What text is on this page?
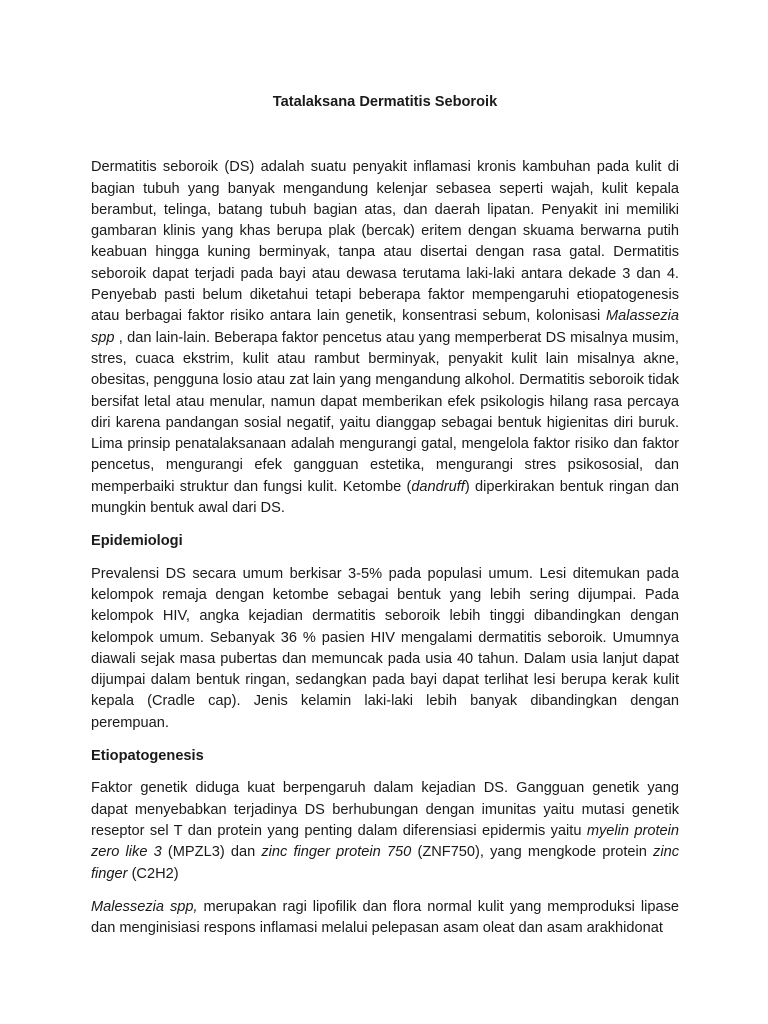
Tatalaksana Dermatitis Seboroik

Dermatitis seboroik (DS) adalah suatu penyakit inflamasi kronis kambuhan pada kulit di bagian tubuh yang banyak mengandung kelenjar sebasea seperti wajah, kulit kepala berambut, telinga, batang tubuh bagian atas, dan daerah lipatan. Penyakit ini memiliki gambaran klinis yang khas berupa plak (bercak) eritem dengan skuama berwarna putih keabuan hingga kuning berminyak, tanpa atau disertai dengan rasa gatal. Dermatitis seboroik dapat terjadi pada bayi atau dewasa terutama laki-laki antara dekade 3 dan 4. Penyebab pasti belum diketahui tetapi beberapa faktor mempengaruhi etiopatogenesis atau berbagai faktor risiko antara lain genetik, konsentrasi sebum, kolonisasi Malassezia spp , dan lain-lain. Beberapa faktor pencetus atau yang memperberat DS misalnya musim, stres, cuaca ekstrim, kulit atau rambut berminyak, penyakit kulit lain misalnya akne, obesitas, pengguna losio atau zat lain yang mengandung alkohol. Dermatitis seboroik tidak bersifat letal atau menular, namun dapat memberikan efek psikologis hilang rasa percaya diri karena pandangan sosial negatif, yaitu dianggap sebagai bentuk higienitas diri buruk. Lima prinsip penatalaksanaan adalah mengurangi gatal, mengelola faktor risiko dan faktor pencetus, mengurangi efek gangguan estetika, mengurangi stres psikososial, dan memperbaiki struktur dan fungsi kulit. Ketombe (dandruff) diperkirakan bentuk ringan dan mungkin bentuk awal dari DS.

Epidemiologi

Prevalensi DS secara umum berkisar 3-5% pada populasi umum. Lesi ditemukan pada kelompok remaja dengan ketombe sebagai bentuk yang lebih sering dijumpai. Pada kelompok HIV, angka kejadian dermatitis seboroik lebih tinggi dibandingkan dengan kelompok umum. Sebanyak 36 % pasien HIV mengalami dermatitis seboroik. Umumnya diawali sejak masa pubertas dan memuncak pada usia 40 tahun. Dalam usia lanjut dapat dijumpai dalam bentuk ringan, sedangkan pada bayi dapat terlihat lesi berupa kerak kulit kepala (Cradle cap). Jenis kelamin laki-laki lebih banyak dibandingkan dengan perempuan.

Etiopatogenesis

Faktor genetik diduga kuat berpengaruh dalam kejadian DS. Gangguan genetik yang dapat menyebabkan terjadinya DS berhubungan dengan imunitas yaitu mutasi genetik reseptor sel T dan protein yang penting dalam diferensiasi epidermis yaitu myelin protein zero like 3 (MPZL3) dan zinc finger protein 750 (ZNF750), yang mengkode protein zinc finger (C2H2)

Malessezia spp, merupakan ragi lipofilik dan flora normal kulit yang memproduksi lipase dan menginisiasi respons inflamasi melalui pelepasan asam oleat dan asam arakhidonat
